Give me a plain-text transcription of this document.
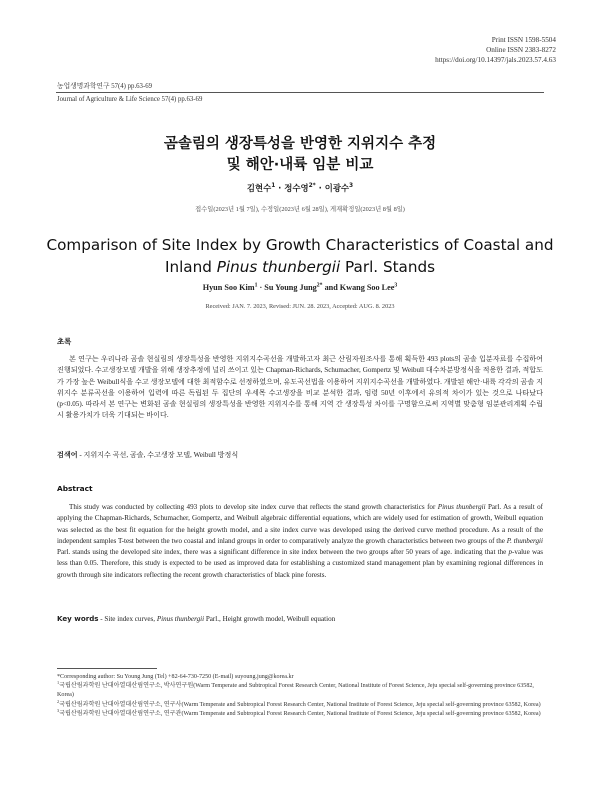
Print ISSN 1598-5504
Online ISSN 2383-8272
https://doi.org/10.14397/jals.2023.57.4.63
농업생명과학연구 57(4) pp.63-69
Journal of Agriculture & Life Science 57(4) pp.63-69
곰솔림의 생장특성을 반영한 지위지수 추정
및 해안·내륙 임분 비교
김현수$^1$ · 정수영$^{2*}$ · 이광수$^3$
접수일(2023년 1월 7일), 수정일(2023년 6월 28일), 게재확정일(2023년 8월 8일)
Comparison of Site Index by Growth Characteristics of Coastal and
Inland Pinus thunbergii Parl. Stands
Hyun Soo Kim$^1$ · Su Young Jung$^{2*}$ and Kwang Soo Lee$^3$
Received: JAN. 7. 2023, Revised: JUN. 28. 2023, Accepted: AUG. 8. 2023
초록
본 연구는 우리나라 곰솔 현실림의 생장특성을 반영한 지위지수곡선을 개발하고자 최근 산림자원조사를 통해 획득한 493 plots의 곰솔 입분자료를 수집하여 진행되었다. 수고생장모델 개발을 위해 생장추정에 널리 쓰이고 있는 Chapman-Richards, Schumacher, Gompertz 및 Weibull 대수차분방정식을 적용한 결과, 적합도가 가장 높은 Weibull식을 수고 생장모델에 대한 최적함수로 선정하였으며, 유도곡선법을 이용하여 지위지수곡선을 개발하였다. 개발된 해안·내륙 각각의 곰솔 지위지수 분류곡선을 이용하여 입력에 따른 독립된 두 집단의 우세목 수고생장을 비교 분석한 결과, 임령 50년 이후에서 유의적 차이가 있는 것으로 나타났다(p<0.05). 따라서 본 연구는 변화된 곰솔 현실림의 생장특성을 반영한 지위지수를 통해 지역 간 생장특성 차이를 구명함으로써 지역별 맞춤형 임분관리계획 수립 시 활용가치가 더욱 기대되는 바이다.
검색어 - 지위지수 곡선, 곰솔, 수고생장 모델, Weibull 방정식
Abstract
This study was conducted by collecting 493 plots to develop site index curve that reflects the stand growth characteristics for Pinus thunbergii Parl. As a result of applying the Chapman-Richards, Schumacher, Gompertz, and Weibull algebraic differential equations, which are widely used for estimation of growth, Weibull equation was selected as the best fit equation for the height growth model, and a site index curve was developed using the derived curve method procedure. As a result of the independent samples T-test between the two coastal and inland groups in order to comparatively analyze the growth characteristics between two groups of the P. thunbergii Parl. stands using the developed site index, there was a significant difference in site index between the two groups after 50 years of age. indicating that the p-value was less than 0.05. Therefore, this study is expected to be used as improved data for establishing a customized stand management plan by examining regional differences in growth through site indicators reflecting the recent growth characteristics of black pine forests.
Key words - Site index curves, Pinus thunbergii Parl., Height growth model, Weibull equation
*Corresponding author: Su Young Jung (Tel) +82-64-730-7250 (E-mail) suyoung.jung@korea.kr
$^1$국립산림과학원 난대아열대산림연구소, 박사연구원(Warm Temperate and Subtropical Forest Research Center, National Institute of Forest Science, Jeju special self-governing province 63582, Korea)
$^2$국립산림과학원 난대아열대산림연구소, 연구사(Warm Temperate and Subtropical Forest Research Center, National Institute of Forest Science, Jeju special self-governing province 63582, Korea)
$^3$국립산림과학원 난대아열대산림연구소, 연구관(Warm Temperate and Subtropical Forest Research Center, National Institute of Forest Science, Jeju special self-governing province 63582, Korea)
